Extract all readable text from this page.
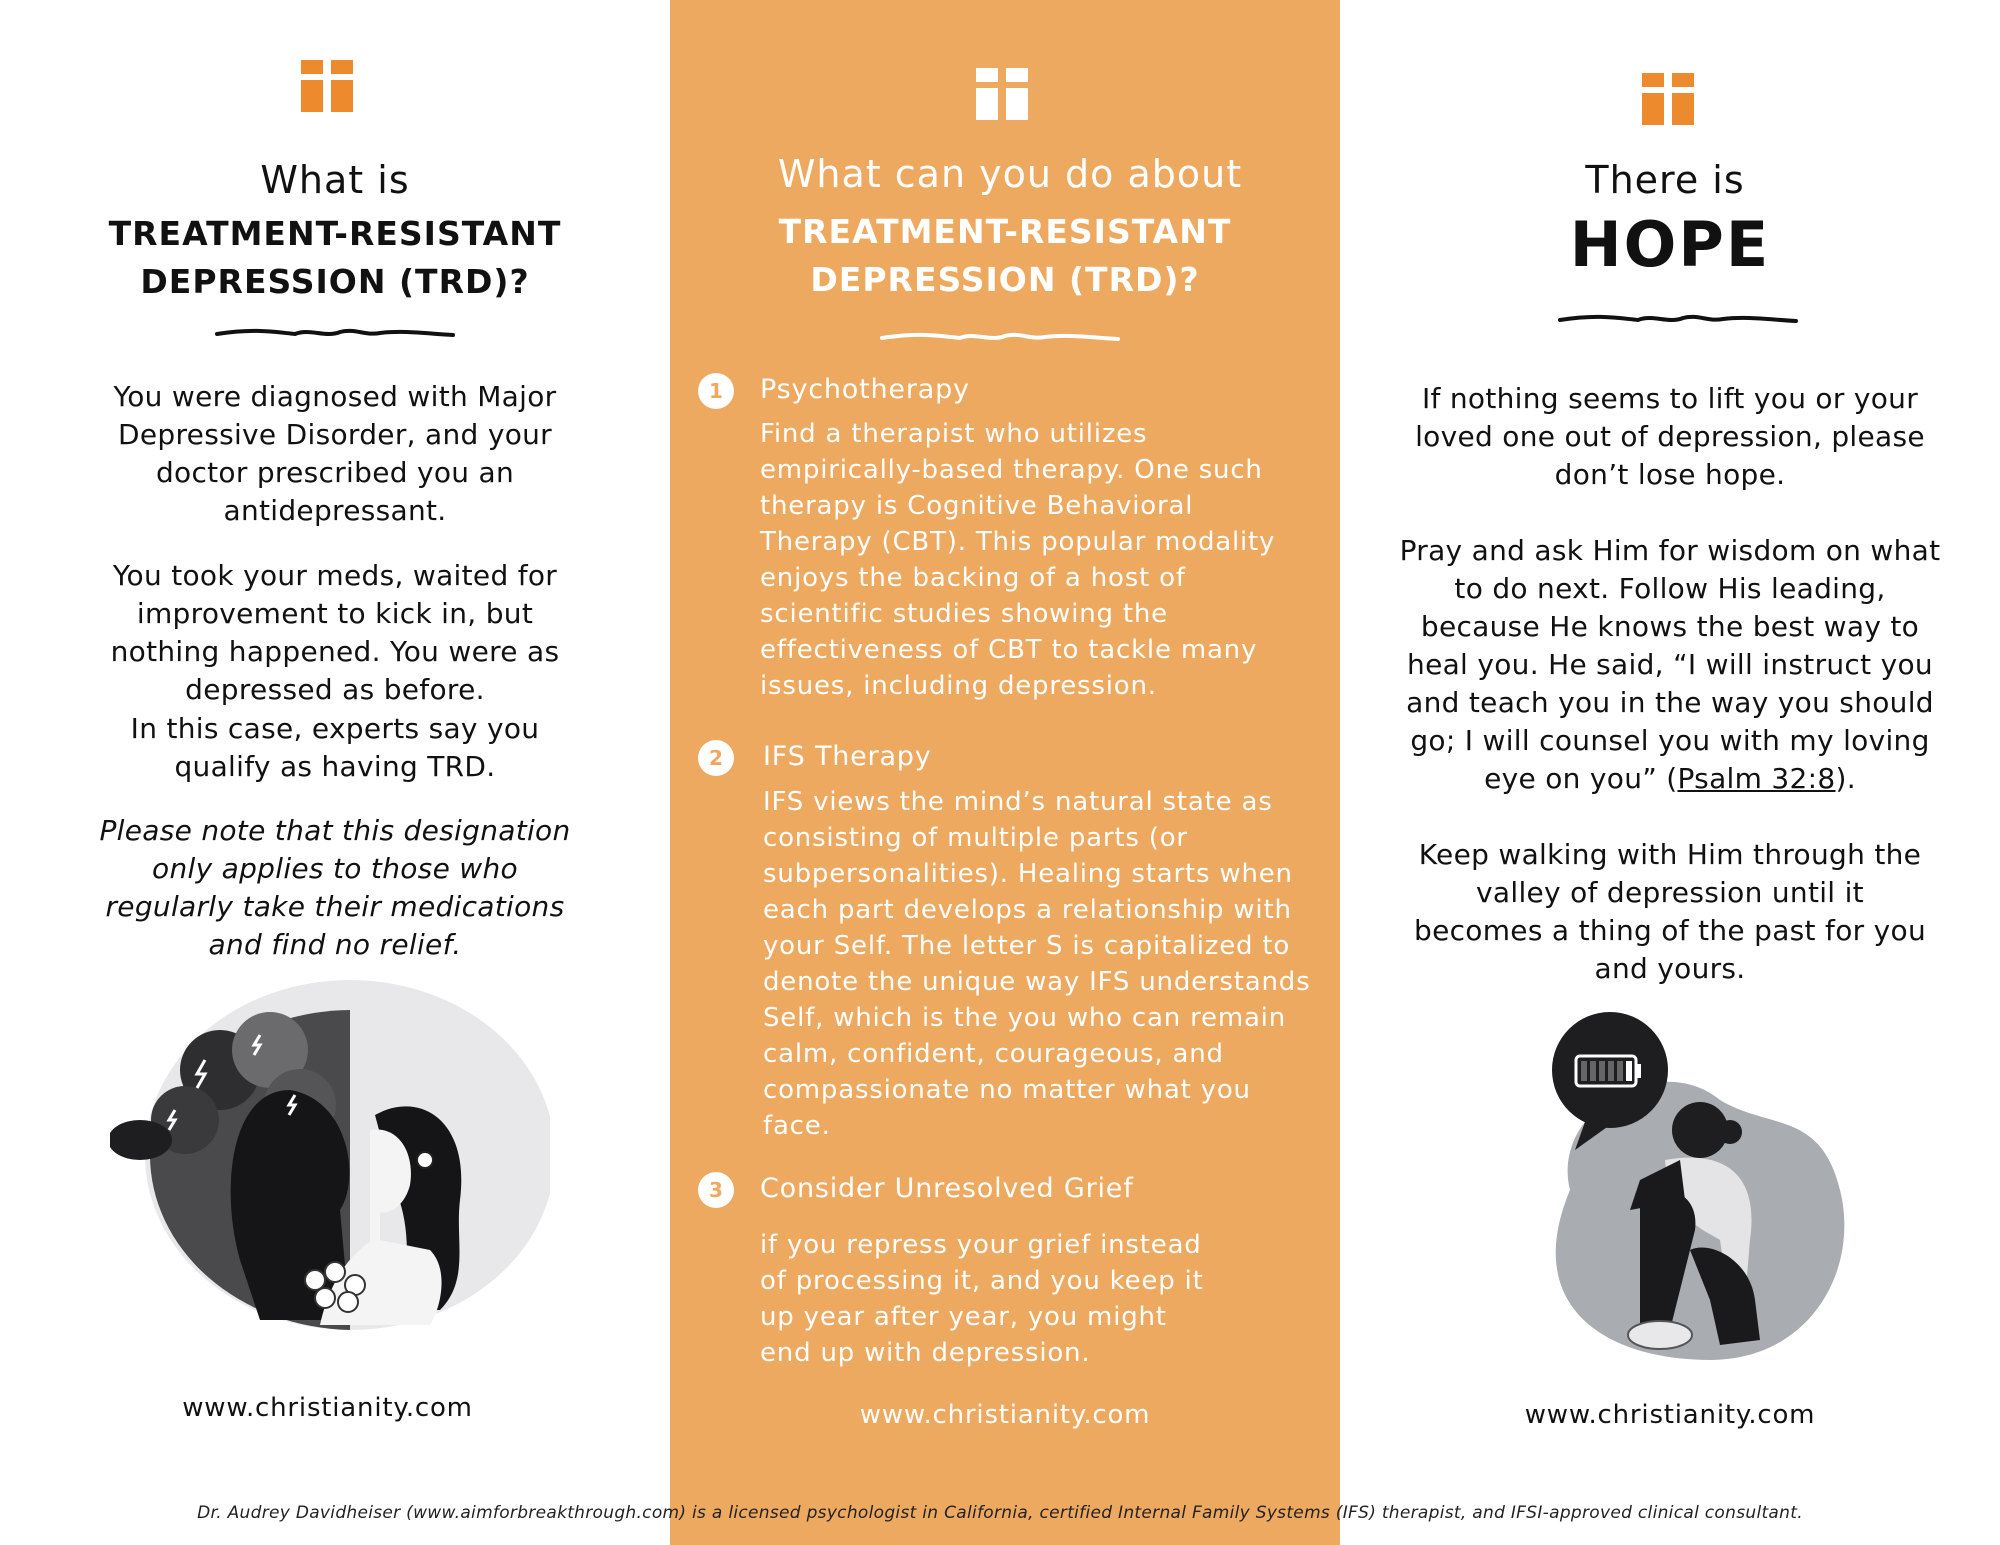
What is
TREATMENT-RESISTANT
DEPRESSION (TRD)?
You were diagnosed with Major Depressive Disorder, and your doctor prescribed you an antidepressant.
You took your meds, waited for improvement to kick in, but nothing happened. You were as depressed as before.
In this case, experts say you qualify as having TRD.
Please note that this designation only applies to those who regularly take their medications and find no relief.
www.christianity.com
What can you do about
TREATMENT-RESISTANT
DEPRESSION (TRD)?
1	Psychotherapy
Find a therapist who utilizes empirically-based therapy. One such therapy is Cognitive Behavioral Therapy (CBT). This popular modality enjoys the backing of a host of scientific studies showing the effectiveness of CBT to tackle many issues, including depression.
2	IFS Therapy
IFS views the mind’s natural state as consisting of multiple parts (or subpersonalities). Healing starts when each part develops a relationship with your Self. The letter S is capitalized to denote the unique way IFS understands Self, which is the you who can remain calm, confident, courageous, and compassionate no matter what you face.
3	Consider Unresolved Grief
if you repress your grief instead of processing it, and you keep it up year after year, you might end up with depression.
www.christianity.com
There is
HOPE
If nothing seems to lift you or your loved one out of depression, please don’t lose hope.
Pray and ask Him for wisdom on what to do next. Follow His leading, because He knows the best way to heal you. He said, “I will instruct you and teach you in the way you should go; I will counsel you with my loving eye on you” (Psalm 32:8).
Keep walking with Him through the valley of depression until it becomes a thing of the past for you and yours.
www.christianity.com
Dr. Audrey Davidheiser (www.aimforbreakthrough.com) is a licensed psychologist in California, certified Internal Family Systems (IFS) therapist, and IFSI-approved clinical consultant.
